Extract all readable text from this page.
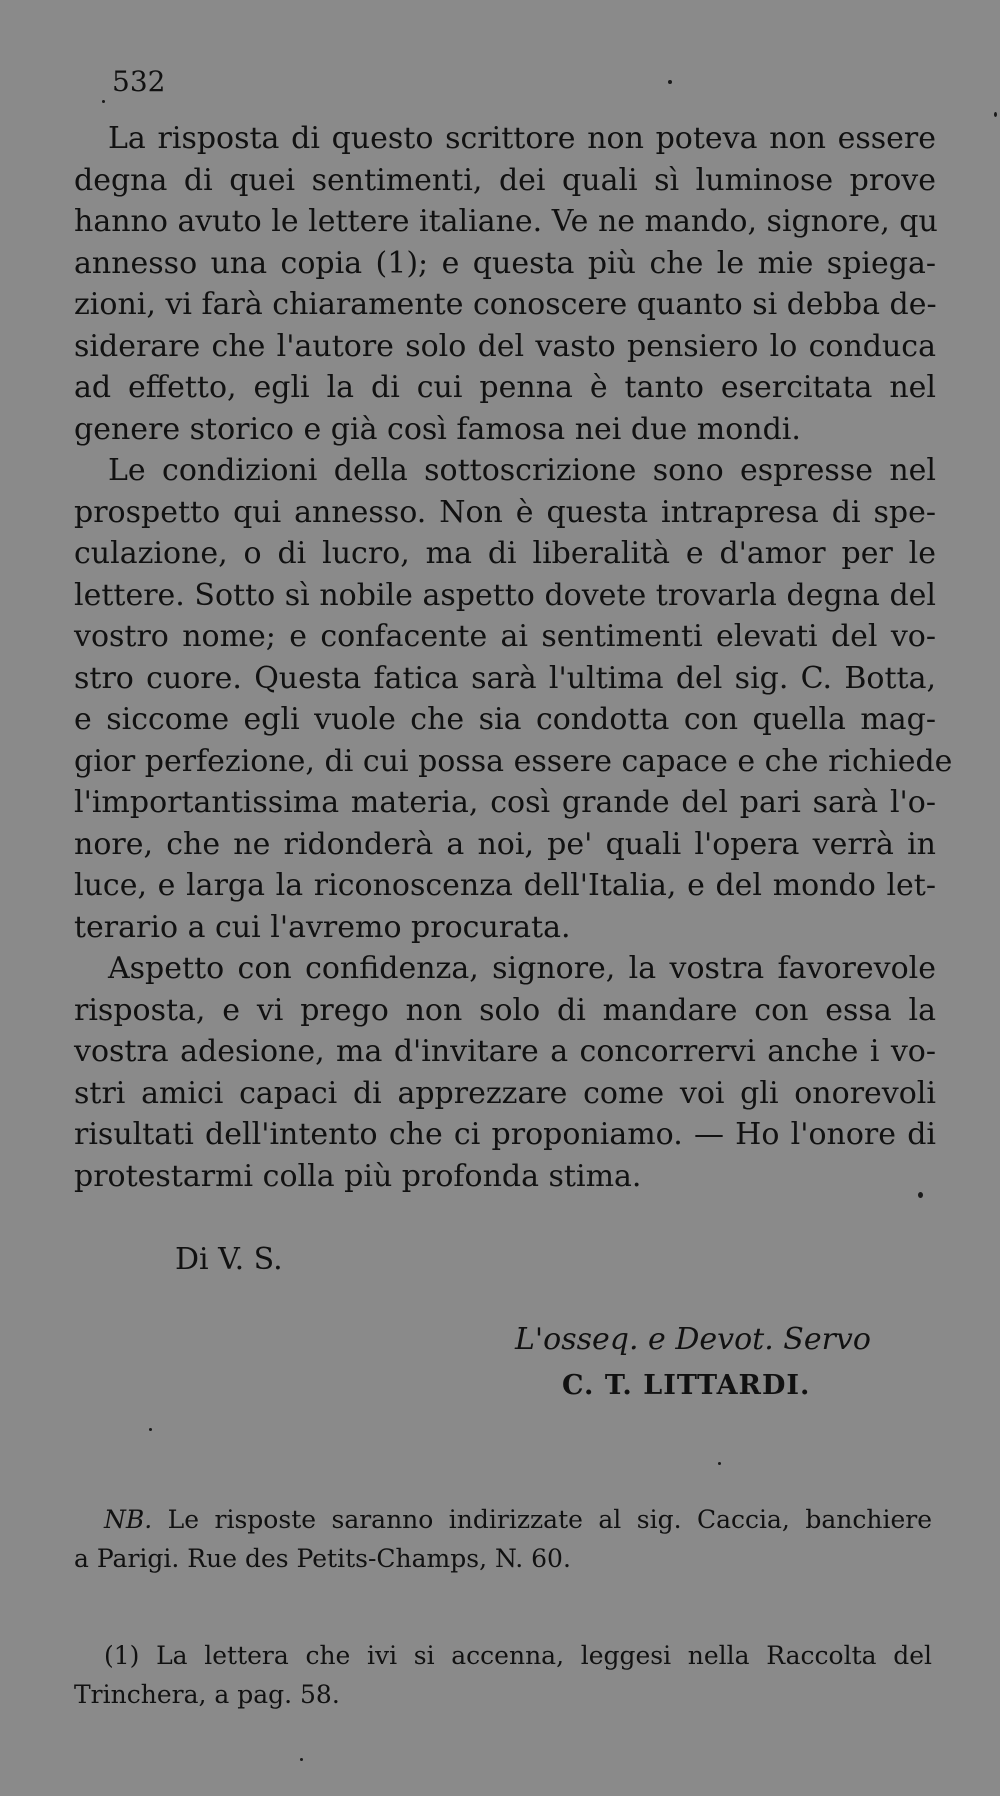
532
La risposta di questo scrittore non poteva non essere
degna di quei sentimenti, dei quali sì luminose prove
hanno avuto le lettere italiane. Ve ne mando, signore, qu
annesso una copia (1); e questa più che le mie spiega-
zioni, vi farà chiaramente conoscere quanto si debba de-
siderare che l'autore solo del vasto pensiero lo conduca
ad effetto, egli la di cui penna è tanto esercitata nel
genere storico e già così famosa nei due mondi.
Le condizioni della sottoscrizione sono espresse nel
prospetto qui annesso. Non è questa intrapresa di spe-
culazione, o di lucro, ma di liberalità e d'amor per le
lettere. Sotto sì nobile aspetto dovete trovarla degna del
vostro nome; e confacente ai sentimenti elevati del vo-
stro cuore. Questa fatica sarà l'ultima del sig. C. Botta,
e siccome egli vuole che sia condotta con quella mag-
gior perfezione, di cui possa essere capace e che richiede
l'importantissima materia, così grande del pari sarà l'o-
nore, che ne ridonderà a noi, pe' quali l'opera verrà in
luce, e larga la riconoscenza dell'Italia, e del mondo let-
terario a cui l'avremo procurata.
Aspetto con confidenza, signore, la vostra favorevole
risposta, e vi prego non solo di mandare con essa la
vostra adesione, ma d'invitare a concorrervi anche i vo-
stri amici capaci di apprezzare come voi gli onorevoli
risultati dell'intento che ci proponiamo. — Ho l'onore di
protestarmi colla più profonda stima.
Di V. S.
L'osseq. e Devot. Servo
C. T. LITTARDI.
NB. Le risposte saranno indirizzate al sig. Caccia, banchiere
a Parigi. Rue des Petits-Champs, N. 60.
(1) La lettera che ivi si accenna, leggesi nella Raccolta del
Trinchera, a pag. 58.
